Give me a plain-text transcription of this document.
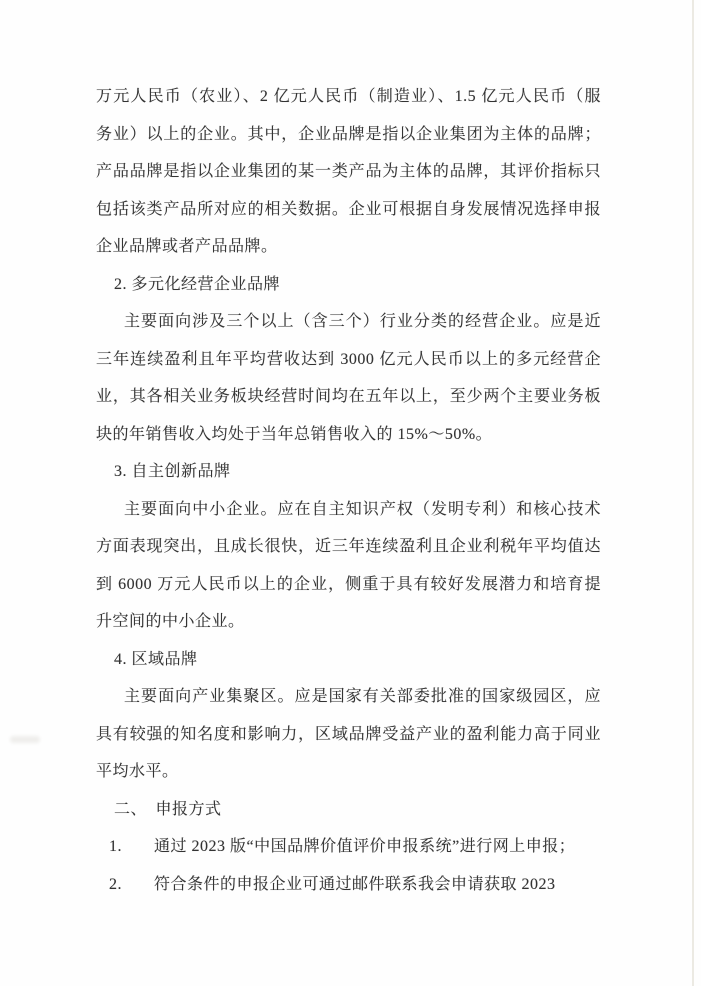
万元人民币（农业）、2 亿元人民币（制造业）、1.5 亿元人民币（服
务业）以上的企业。其中，企业品牌是指以企业集团为主体的品牌；
产品品牌是指以企业集团的某一类产品为主体的品牌，其评价指标只
包括该类产品所对应的相关数据。企业可根据自身发展情况选择申报
企业品牌或者产品品牌。
2. 多元化经营企业品牌
主要面向涉及三个以上（含三个）行业分类的经营企业。应是近
三年连续盈利且年平均营收达到 3000 亿元人民币以上的多元经营企
业，其各相关业务板块经营时间均在五年以上，至少两个主要业务板
块的年销售收入均处于当年总销售收入的 15%～50%。
3. 自主创新品牌
主要面向中小企业。应在自主知识产权（发明专利）和核心技术
方面表现突出，且成长很快，近三年连续盈利且企业利税年平均值达
到 6000 万元人民币以上的企业，侧重于具有较好发展潜力和培育提
升空间的中小企业。
4. 区域品牌
主要面向产业集聚区。应是国家有关部委批准的国家级园区，应
具有较强的知名度和影响力，区域品牌受益产业的盈利能力高于同业
平均水平。
二、　申报方式
1. 通过 2023 版“中国品牌价值评价申报系统”进行网上申报；
2. 符合条件的申报企业可通过邮件联系我会申请获取 2023
